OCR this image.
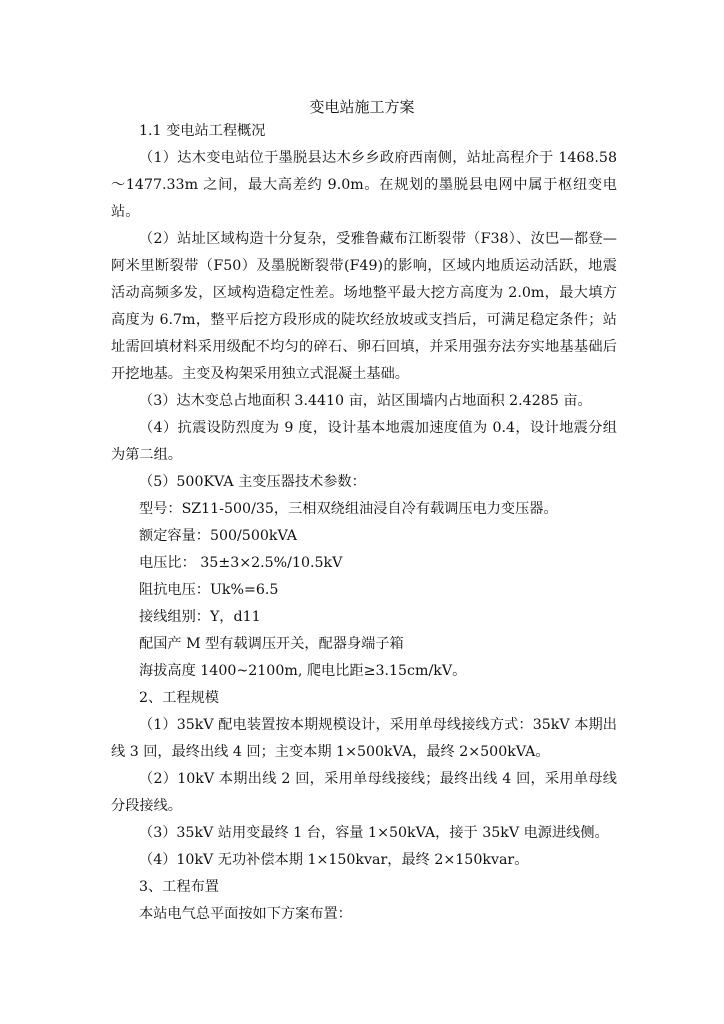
变电站施工方案

1.1 变电站工程概况

（1）达木变电站位于墨脱县达木乡乡政府西南侧，站址高程介于 1468.58～1477.33m 之间，最大高差约 9.0m。在规划的墨脱县电网中属于枢纽变电站。

（2）站址区域构造十分复杂，受雅鲁藏布江断裂带（F38）、汝巴—都登—阿米里断裂带（F50）及墨脱断裂带(F49)的影响，区域内地质运动活跃，地震活动高频多发，区域构造稳定性差。场地整平最大挖方高度为 2.0m，最大填方高度为 6.7m，整平后挖方段形成的陡坎经放坡或支挡后，可满足稳定条件；站址需回填材料采用级配不均匀的碎石、卵石回填，并采用强夯法夯实地基基础后开挖地基。主变及构架采用独立式混凝土基础。

（3）达木变总占地面积 3.4410 亩，站区围墙内占地面积 2.4285 亩。

（4）抗震设防烈度为 9 度，设计基本地震加速度值为 0.4，设计地震分组为第二组。

（5）500KVA 主变压器技术参数：

型号：SZ11-500/35，三相双绕组油浸自冷有载调压电力变压器。

额定容量：500/500kVA

电压比： 35±3×2.5%/10.5kV

阻抗电压：Uk%=6.5

接线组别：Y，d11

配国产 M 型有载调压开关，配器身端子箱

海拔高度 1400~2100m, 爬电比距≥3.15cm/kV。

2、工程规模

（1）35kV 配电装置按本期规模设计，采用单母线接线方式：35kV 本期出线 3 回，最终出线 4 回；主变本期 1×500kVA，最终 2×500kVA。

（2）10kV 本期出线 2 回，采用单母线接线；最终出线 4 回，采用单母线分段接线。

（3）35kV 站用变最终 1 台，容量 1×50kVA，接于 35kV 电源进线侧。

（4）10kV 无功补偿本期 1×150kvar，最终 2×150kvar。

3、工程布置

本站电气总平面按如下方案布置：
